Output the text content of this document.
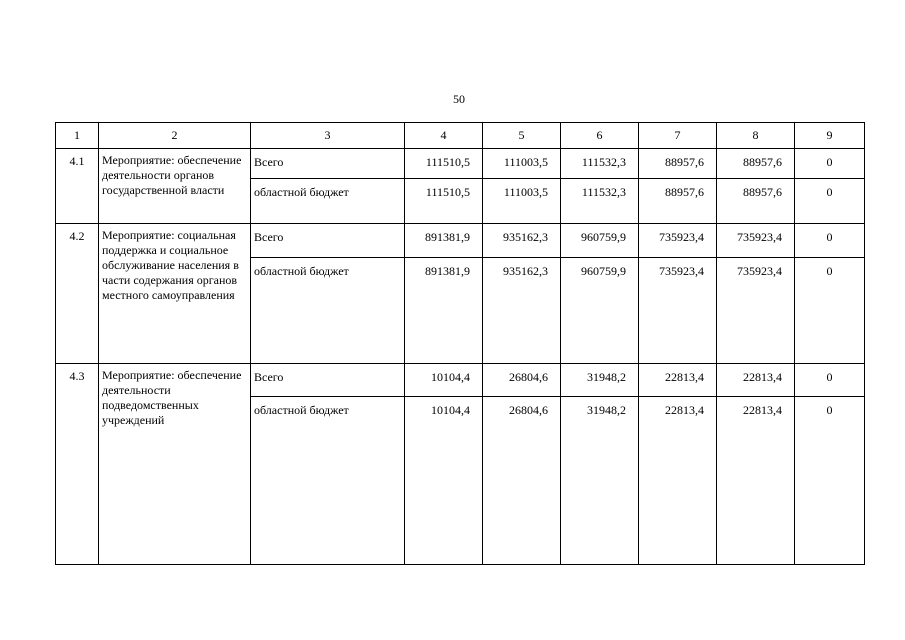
50
1	2	3	4	5	6	7	8	9
4.1	Мероприятие: обеспечение деятельности органов государственной власти	Всего	111510,5	111003,5	111532,3	88957,6	88957,6	0
		областной бюджет	111510,5	111003,5	111532,3	88957,6	88957,6	0
4.2	Мероприятие: социальная поддержка и социальное обслуживание населения в части содержания органов местного самоуправления	Всего	891381,9	935162,3	960759,9	735923,4	735923,4	0
		областной бюджет	891381,9	935162,3	960759,9	735923,4	735923,4	0
4.3	Мероприятие: обеспечение деятельности подведомственных учреждений	Всего	10104,4	26804,6	31948,2	22813,4	22813,4	0
		областной бюджет	10104,4	26804,6	31948,2	22813,4	22813,4	0
